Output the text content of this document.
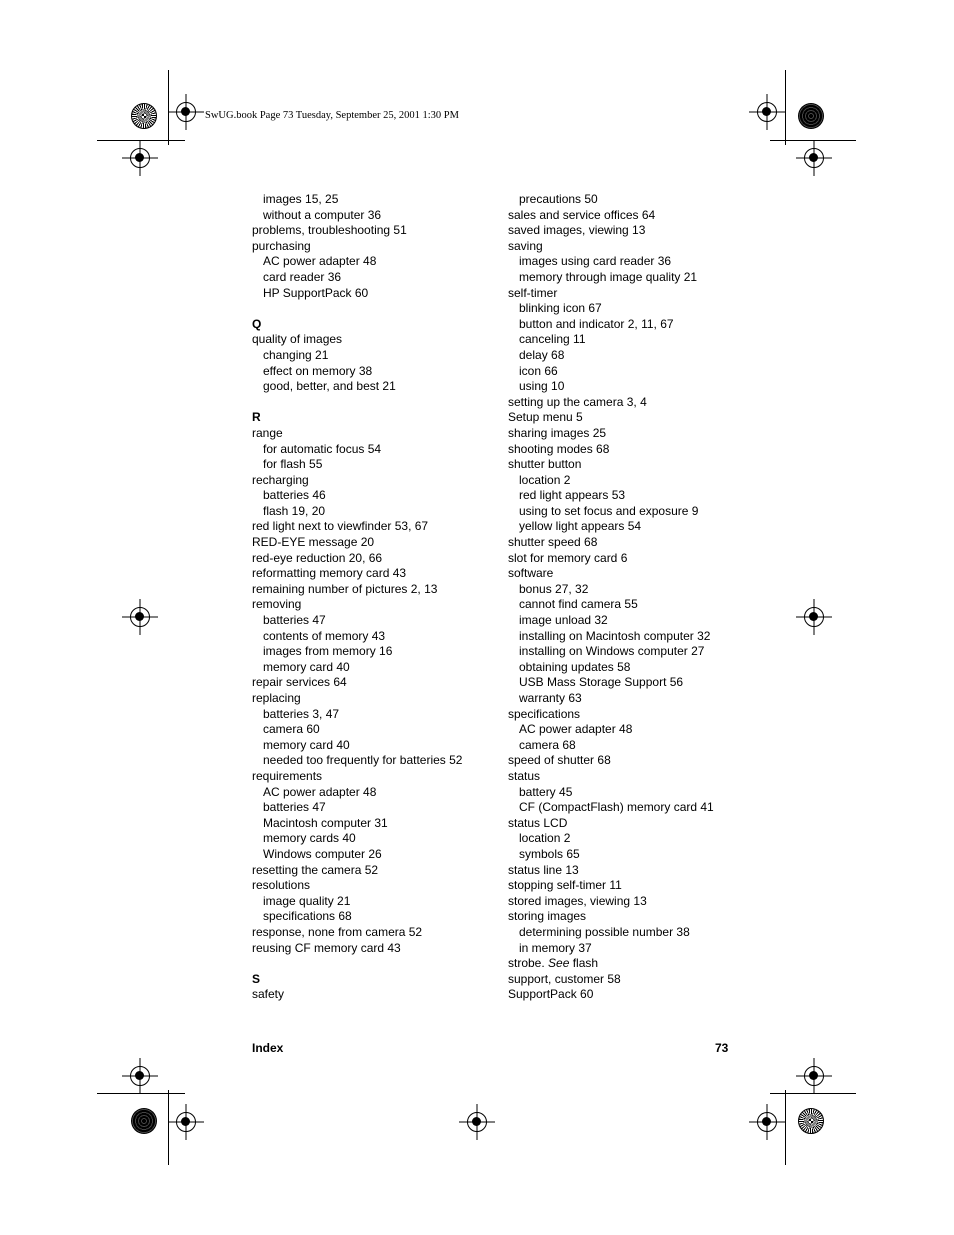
SwUG.book Page 73 Tuesday, September 25, 2001 1:30 PM
images 15, 25
without a computer 36
problems, troubleshooting 51
purchasing
AC power adapter 48
card reader 36
HP SupportPack 60
Q
quality of images
changing 21
effect on memory 38
good, better, and best 21
R
range
for automatic focus 54
for flash 55
recharging
batteries 46
flash 19, 20
red light next to viewfinder 53, 67
RED-EYE message 20
red-eye reduction 20, 66
reformatting memory card 43
remaining number of pictures 2, 13
removing
batteries 47
contents of memory 43
images from memory 16
memory card 40
repair services 64
replacing
batteries 3, 47
camera 60
memory card 40
needed too frequently for batteries 52
requirements
AC power adapter 48
batteries 47
Macintosh computer 31
memory cards 40
Windows computer 26
resetting the camera 52
resolutions
image quality 21
specifications 68
response, none from camera 52
reusing CF memory card 43
S
safety
precautions 50
sales and service offices 64
saved images, viewing 13
saving
images using card reader 36
memory through image quality 21
self-timer
blinking icon 67
button and indicator 2, 11, 67
canceling 11
delay 68
icon 66
using 10
setting up the camera 3, 4
Setup menu 5
sharing images 25
shooting modes 68
shutter button
location 2
red light appears 53
using to set focus and exposure 9
yellow light appears 54
shutter speed 68
slot for memory card 6
software
bonus 27, 32
cannot find camera 55
image unload 32
installing on Macintosh computer 32
installing on Windows computer 27
obtaining updates 58
USB Mass Storage Support 56
warranty 63
specifications
AC power adapter 48
camera 68
speed of shutter 68
status
battery 45
CF (CompactFlash) memory card 41
status LCD
location 2
symbols 65
status line 13
stopping self-timer 11
stored images, viewing 13
storing images
determining possible number 38
in memory 37
strobe. See flash
support, customer 58
SupportPack 60
Index	73
